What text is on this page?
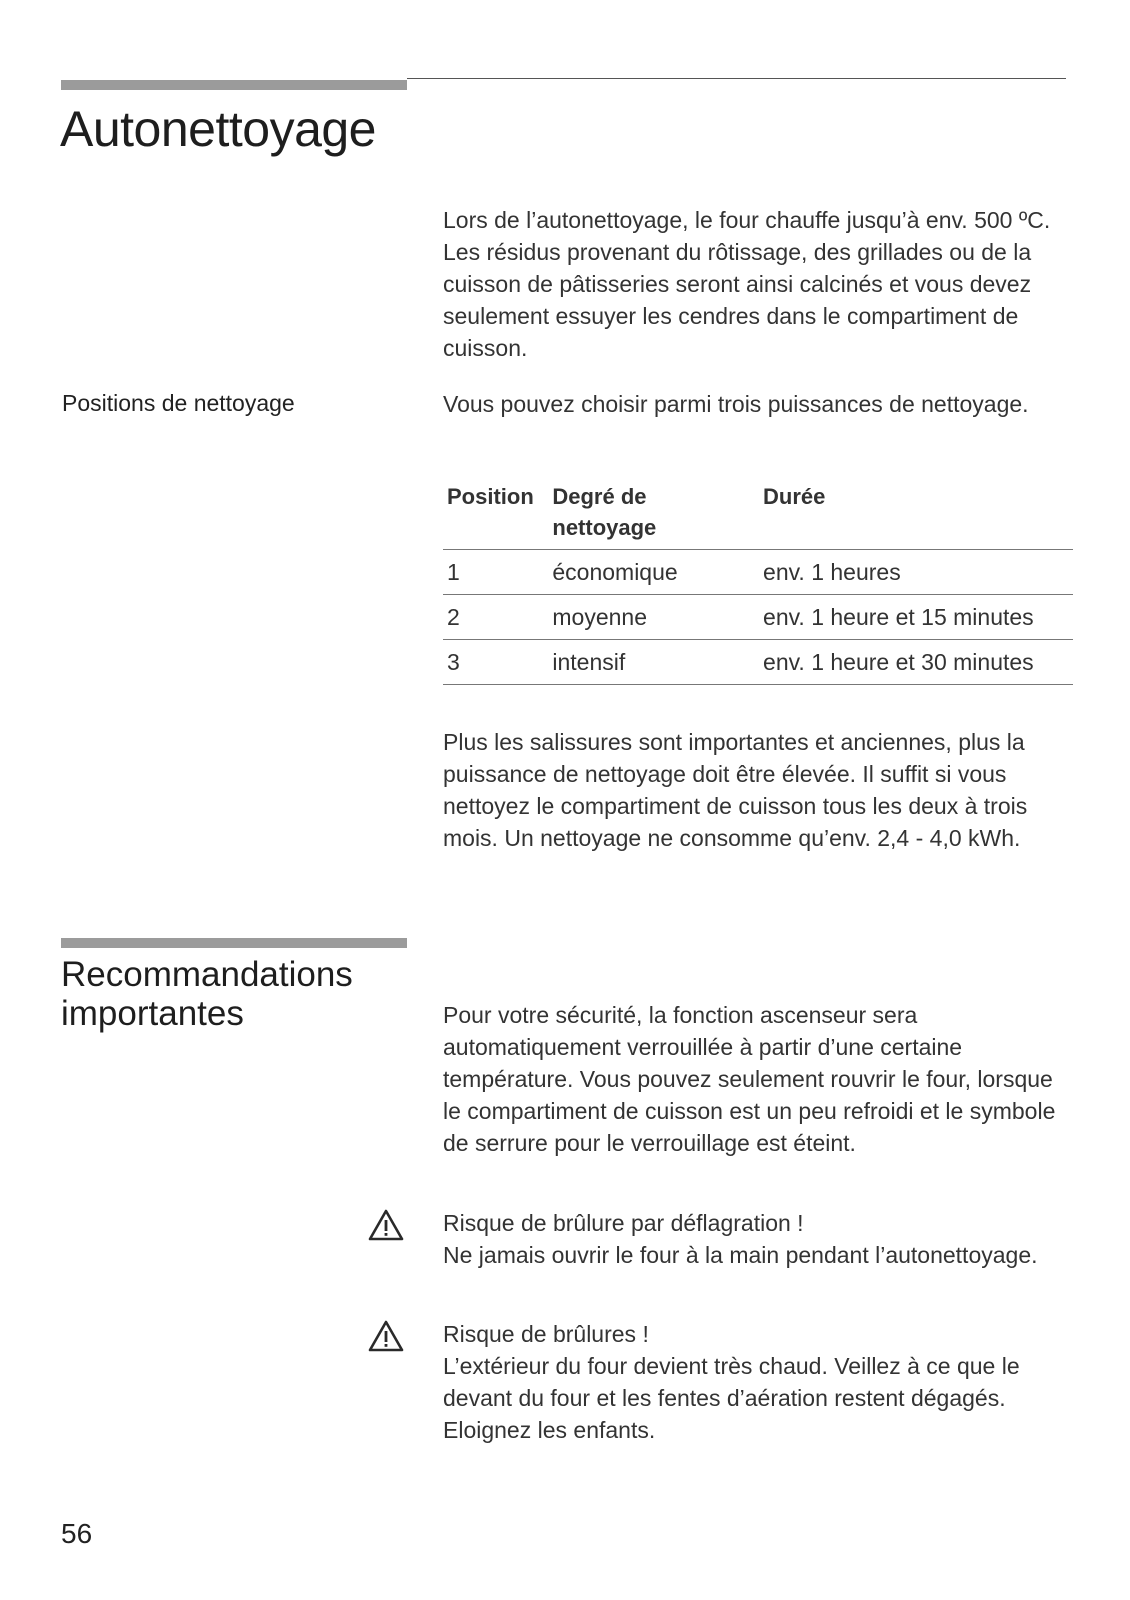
Autonettoyage

Lors de l’autonettoyage, le four chauffe jusqu’à env. 500 ºC. Les résidus provenant du rôtissage, des grillades ou de la cuisson de pâtisseries seront ainsi calcinés et vous devez seulement essuyer les cendres dans le compartiment de cuisson.

Positions de nettoyage	Vous pouvez choisir parmi trois puissances de nettoyage.

Position	Degré de nettoyage	Durée
1	économique	env. 1 heures
2	moyenne	env. 1 heure et 15 minutes
3	intensif	env. 1 heure et 30 minutes

Plus les salissures sont importantes et anciennes, plus la puissance de nettoyage doit être élevée. Il suffit si vous nettoyez le compartiment de cuisson tous les deux à trois mois. Un nettoyage ne consomme qu’env. 2,4 - 4,0 kWh.

Recommandations
importantes	Pour votre sécurité, la fonction ascenseur sera automatiquement verrouillée à partir d’une certaine température. Vous pouvez seulement rouvrir le four, lorsque le compartiment de cuisson est un peu refroidi et le symbole de serrure pour le verrouillage est éteint.

Risque de brûlure par déflagration !

Ne jamais ouvrir le four à la main pendant l’autonettoyage.

Risque de brûlures !

L’extérieur du four devient très chaud. Veillez à ce que le devant du four et les fentes d’aération restent dégagés. Eloignez les enfants.

56
